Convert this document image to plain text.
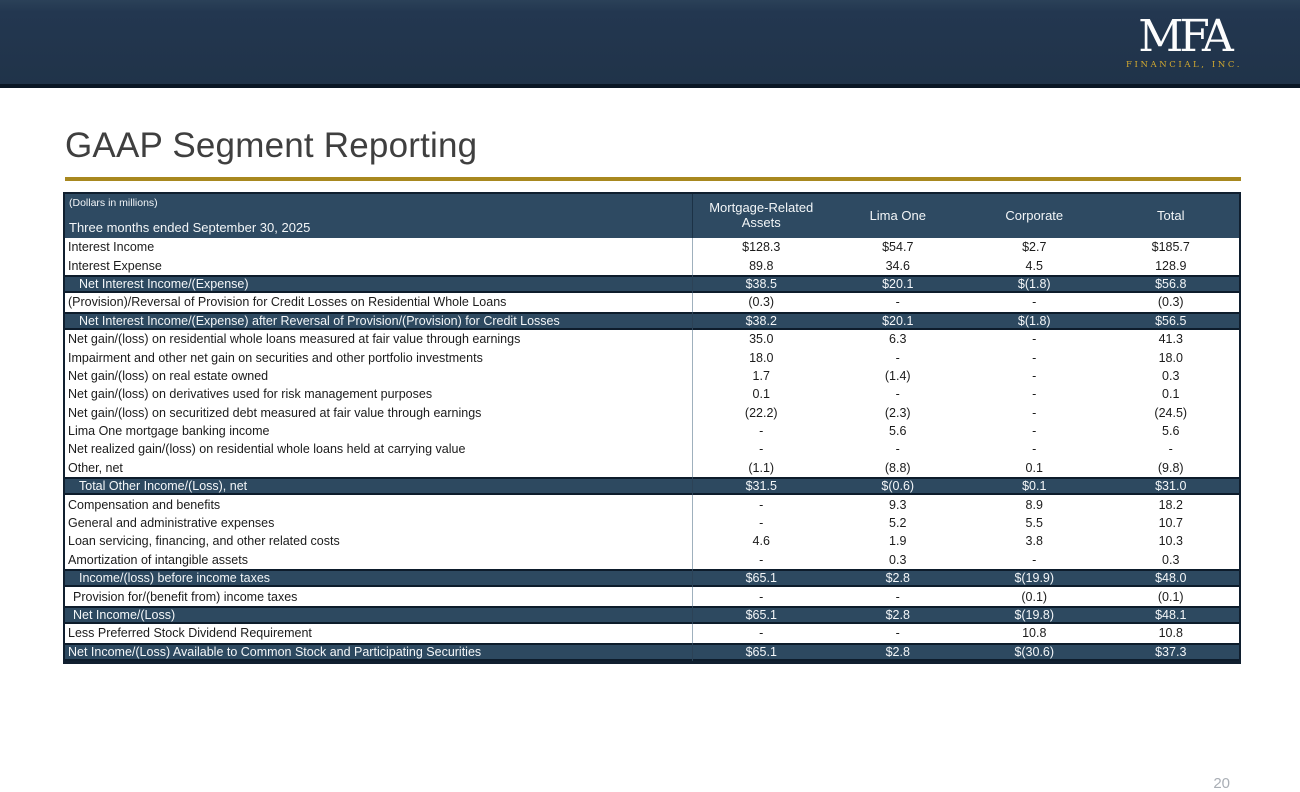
MFA
FINANCIAL, INC.
GAAP Segment Reporting
(Dollars in millions)
Three months ended September 30, 2025
Mortgage-Related Assets	Lima One	Corporate	Total
Interest Income	$128.3	$54.7	$2.7	$185.7
Interest Expense	89.8	34.6	4.5	128.9
Net Interest Income/(Expense)	$38.5	$20.1	$(1.8)	$56.8
(Provision)/Reversal of Provision for Credit Losses on Residential Whole Loans	(0.3)	-	-	(0.3)
Net Interest Income/(Expense) after Reversal of Provision/(Provision) for Credit Losses	$38.2	$20.1	$(1.8)	$56.5
Net gain/(loss) on residential whole loans measured at fair value through earnings	35.0	6.3	-	41.3
Impairment and other net gain on securities and other portfolio investments	18.0	-	-	18.0
Net gain/(loss) on real estate owned	1.7	(1.4)	-	0.3
Net gain/(loss) on derivatives used for risk management purposes	0.1	-	-	0.1
Net gain/(loss) on securitized debt measured at fair value through earnings	(22.2)	(2.3)	-	(24.5)
Lima One mortgage banking income	-	5.6	-	5.6
Net realized gain/(loss) on residential whole loans held at carrying value	-	-	-	-
Other, net	(1.1)	(8.8)	0.1	(9.8)
Total Other Income/(Loss), net	$31.5	$(0.6)	$0.1	$31.0
Compensation and benefits	-	9.3	8.9	18.2
General and administrative expenses	-	5.2	5.5	10.7
Loan servicing, financing, and other related costs	4.6	1.9	3.8	10.3
Amortization of intangible assets	-	0.3	-	0.3
Income/(loss) before income taxes	$65.1	$2.8	$(19.9)	$48.0
Provision for/(benefit from) income taxes	-	-	(0.1)	(0.1)
Net Income/(Loss)	$65.1	$2.8	$(19.8)	$48.1
Less Preferred Stock Dividend Requirement	-	-	10.8	10.8
Net Income/(Loss) Available to Common Stock and Participating Securities	$65.1	$2.8	$(30.6)	$37.3
20
